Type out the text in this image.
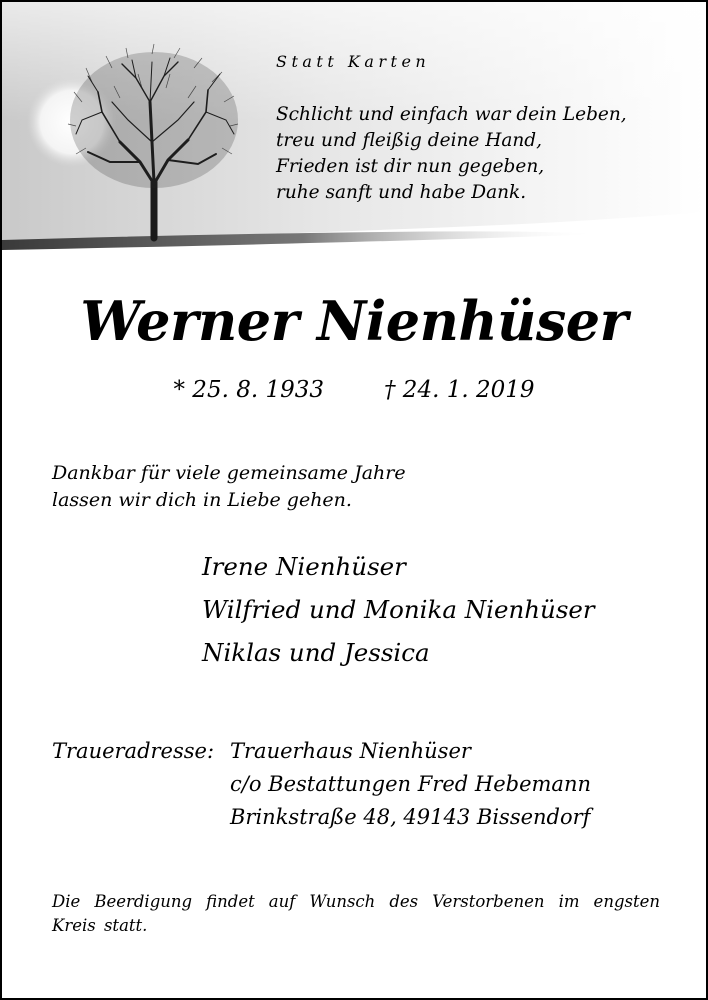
Statt Karten
Schlicht und einfach war dein Leben,
treu und fleißig deine Hand,
Frieden ist dir nun gegeben,
ruhe sanft und habe Dank.
Werner Nienhüser
* 25. 8. 1933	† 24. 1. 2019
Dankbar für viele gemeinsame Jahre
lassen wir dich in Liebe gehen.
Irene Nienhüser
Wilfried und Monika Nienhüser
Niklas und Jessica
Traueradresse: Trauerhaus Nienhüser
c/o Bestattungen Fred Hebemann
Brinkstraße 48, 49143 Bissendorf
Die Beerdigung findet auf Wunsch des Verstorbenen im engsten Kreis statt.
